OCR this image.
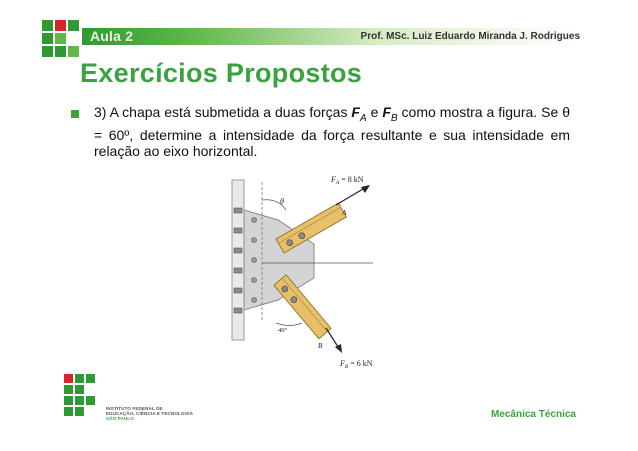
Aula 2	Prof. MSc. Luiz Eduardo Miranda J. Rodrigues
Exercícios Propostos

3) A chapa está submetida a duas forças $F_A$ e $F_B$ como mostra a figura. Se θ = 60º, determine a intensidade da força resultante e sua intensidade em relação ao eixo horizontal.

$F_A = 8$ kN
$F_B = 6$ kN
θ
A
B
40°
INSTITUTO FEDERAL DE
EDUCAÇÃO, CIÊNCIA E TECNOLOGIA
SÃO PAULO	Mecânica Técnica
